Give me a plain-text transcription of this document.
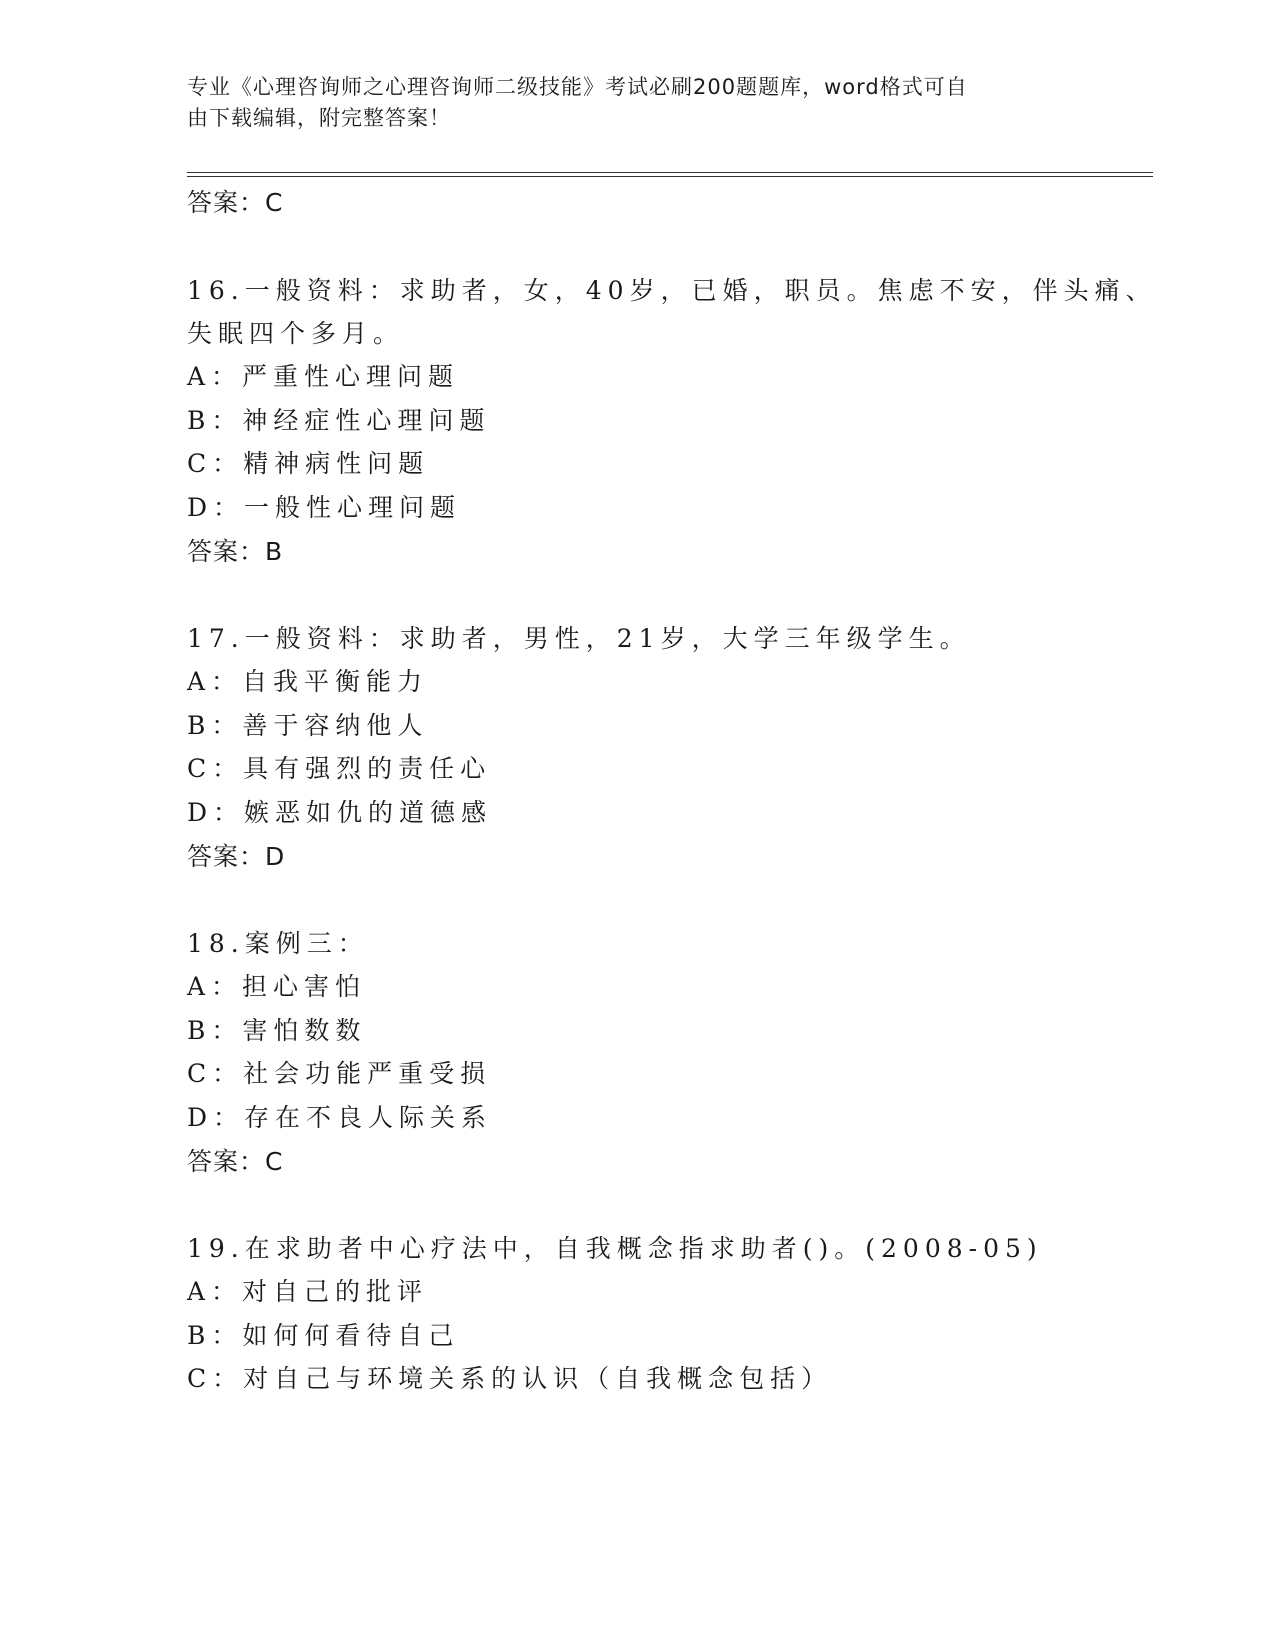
专业《心理咨询师之心理咨询师二级技能》考试必刷200题题库，word格式可自
由下载编辑，附完整答案！
答案：C
16.一般资料：求助者，女，40岁，已婚，职员。焦虑不安，伴头痛、
失眠四个多月。
A：严重性心理问题
B：神经症性心理问题
C：精神病性问题
D：一般性心理问题
答案：B
17.一般资料：求助者，男性，21岁，大学三年级学生。
A：自我平衡能力
B：善于容纳他人
C：具有强烈的责任心
D：嫉恶如仇的道德感
答案：D
18.案例三：
A：担心害怕
B：害怕数数
C：社会功能严重受损
D：存在不良人际关系
答案：C
19.在求助者中心疗法中，自我概念指求助者()。(2008-05)
A：对自己的批评
B：如何何看待自己
C：对自己与环境关系的认识（自我概念包括）
